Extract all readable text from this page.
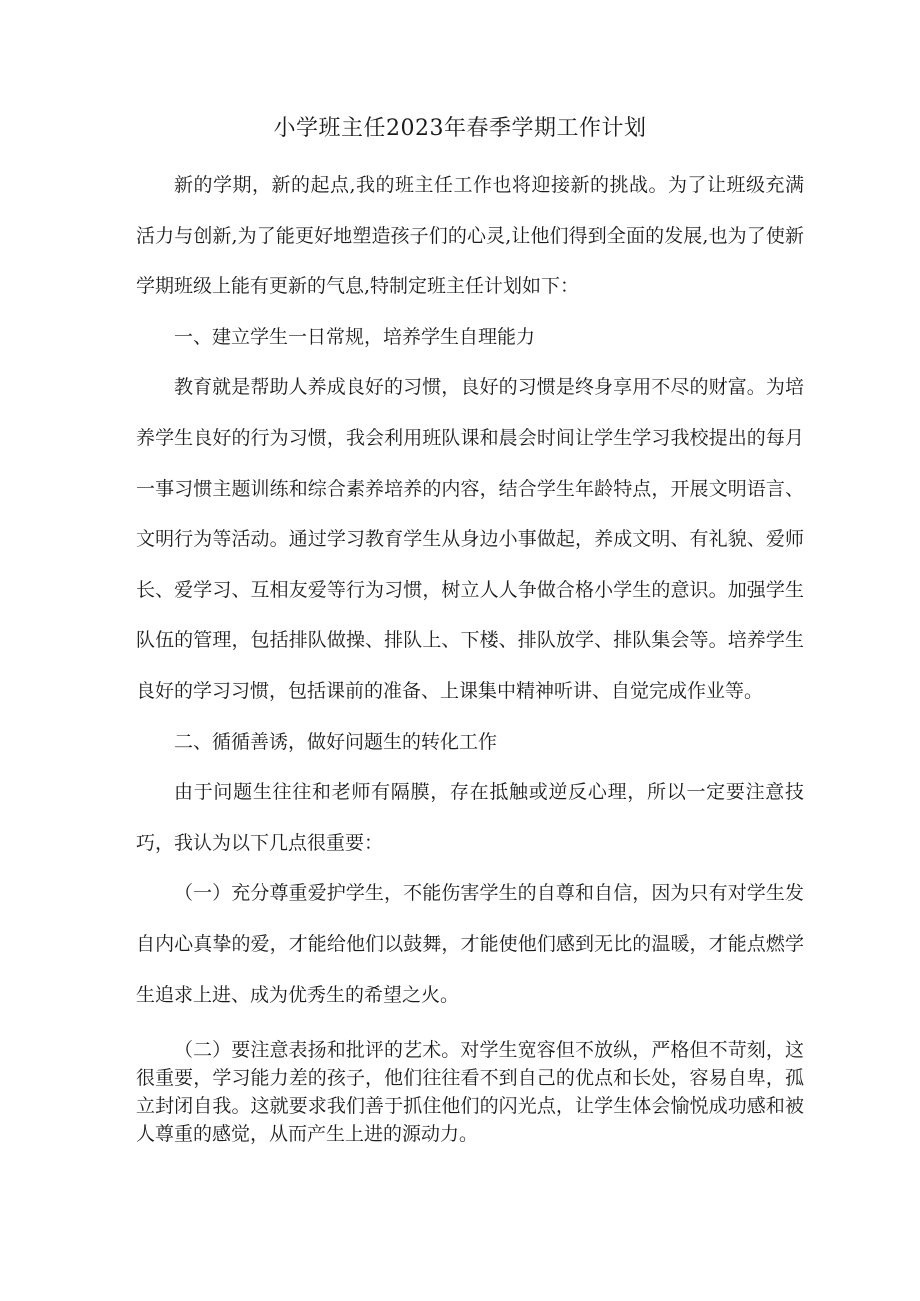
小学班主任2023年春季学期工作计划

新的学期，新的起点,我的班主任工作也将迎接新的挑战。为了让班级充满活力与创新,为了能更好地塑造孩子们的心灵,让他们得到全面的发展,也为了使新学期班级上能有更新的气息,特制定班主任计划如下：

一、建立学生一日常规，培养学生自理能力

教育就是帮助人养成良好的习惯，良好的习惯是终身享用不尽的财富。为培养学生良好的行为习惯，我会利用班队课和晨会时间让学生学习我校提出的每月一事习惯主题训练和综合素养培养的内容，结合学生年龄特点，开展文明语言、文明行为等活动。通过学习教育学生从身边小事做起，养成文明、有礼貌、爱师长、爱学习、互相友爱等行为习惯，树立人人争做合格小学生的意识。加强学生队伍的管理，包括排队做操、排队上、下楼、排队放学、排队集会等。培养学生良好的学习习惯，包括课前的准备、上课集中精神听讲、自觉完成作业等。

二、循循善诱，做好问题生的转化工作

由于问题生往往和老师有隔膜，存在抵触或逆反心理，所以一定要注意技巧，我认为以下几点很重要：

（一）充分尊重爱护学生，不能伤害学生的自尊和自信，因为只有对学生发自内心真挚的爱，才能给他们以鼓舞，才能使他们感到无比的温暖，才能点燃学生追求上进、成为优秀生的希望之火。

（二）要注意表扬和批评的艺术。对学生宽容但不放纵，严格但不苛刻，这很重要，学习能力差的孩子，他们往往看不到自己的优点和长处，容易自卑，孤立封闭自我。这就要求我们善于抓住他们的闪光点，让学生体会愉悦成功感和被人尊重的感觉，从而产生上进的源动力。
